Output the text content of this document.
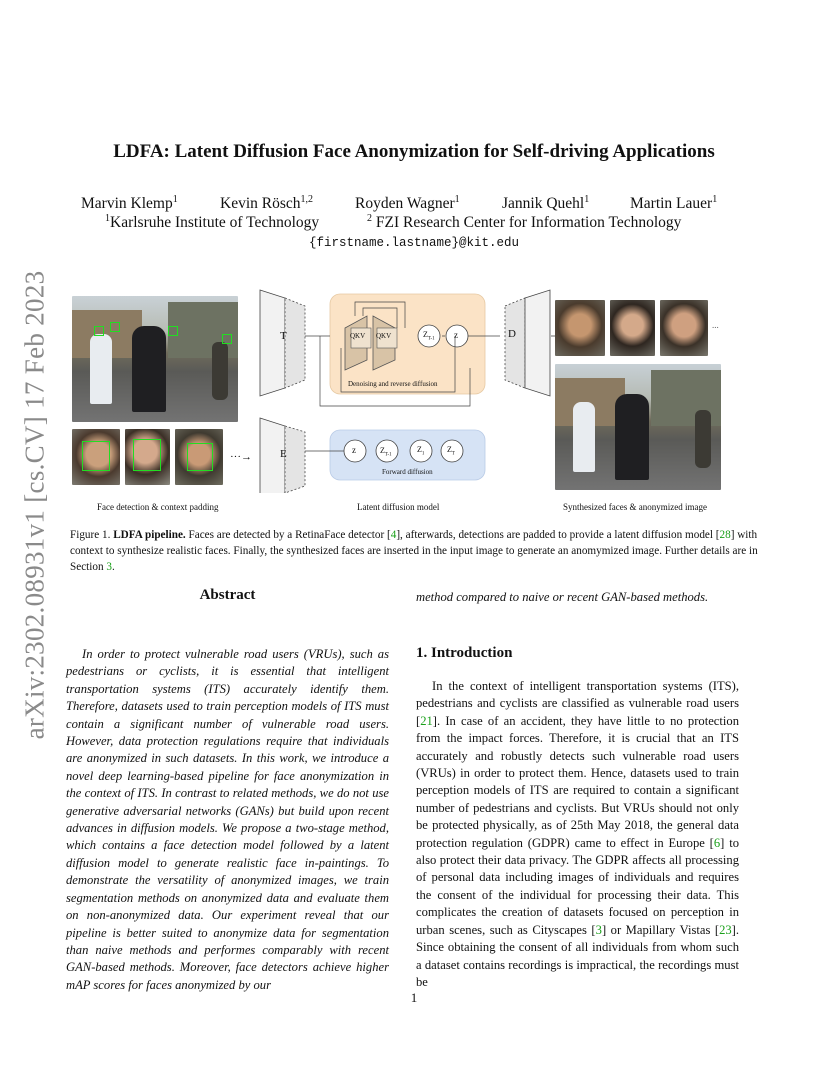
arXiv:2302.08931v1 [cs.CV] 17 Feb 2023
LDFA: Latent Diffusion Face Anonymization for Self-driving Applications
Marvin Klemp$^1$	Kevin Rösch$^{1,2}$	Royden Wagner$^1$	Jannik Quehl$^1$	Martin Lauer$^1$
$^1$Karlsruhe Institute of Technology	$^2$ FZI Research Center for Information Technology
{firstname.lastname}@kit.edu
···→
T
E
D
QKV QKV	$Z_{T-1}$ z
Denoising and reverse diffusion
z	$Z_{T-1}$
$Z_1$
$Z_T$
Forward diffusion
...
Face detection & context padding	Latent diffusion model	Synthesized faces & anonymized image
Figure 1. LDFA pipeline. Faces are detected by a RetinaFace detector [4], afterwards, detections are padded to provide a latent diffusion model [28] with context to synthesize realistic faces. Finally, the synthesized faces are inserted in the input image to generate an anomymized image. Further details are in Section 3.
Abstract
In order to protect vulnerable road users (VRUs), such as pedestrians or cyclists, it is essential that intelligent transportation systems (ITS) accurately identify them. Therefore, datasets used to train perception models of ITS must contain a significant number of vulnerable road users. However, data protection regulations require that individuals are anonymized in such datasets. In this work, we introduce a novel deep learning-based pipeline for face anonymization in the context of ITS. In contrast to related methods, we do not use generative adversarial networks (GANs) but build upon recent advances in diffusion models. We propose a two-stage method, which contains a face detection model followed by a latent diffusion model to generate realistic face in-paintings. To demonstrate the versatility of anonymized images, we train segmentation methods on anonymized data and evaluate them on non-anonymized data. Our experiment reveal that our pipeline is better suited to anonymize data for segmentation than naive methods and performes comparably with recent GAN-based methods. Moreover, face detectors achieve higher mAP scores for faces anonymized by our
method compared to naive or recent GAN-based methods.
1. Introduction
In the context of intelligent transportation systems (ITS), pedestrians and cyclists are classified as vulnerable road users [21]. In case of an accident, they have little to no protection from the impact forces. Therefore, it is crucial that an ITS accurately and robustly detects such vulnerable road users (VRUs) in order to protect them. Hence, datasets used to train perception models of ITS are required to contain a significant number of pedestrians and cyclists. But VRUs should not only be protected physically, as of 25th May 2018, the general data protection regulation (GDPR) came to effect in Europe [6] to also protect their data privacy. The GDPR affects all processing of personal data including images of individuals and requires the consent of the individual for processing their data. This complicates the creation of datasets focused on perception in urban scenes, such as Cityscapes [3] or Mapillary Vistas [23]. Since obtaining the consent of all individuals from whom such a dataset contains recordings is impractical, the recordings must be
1
